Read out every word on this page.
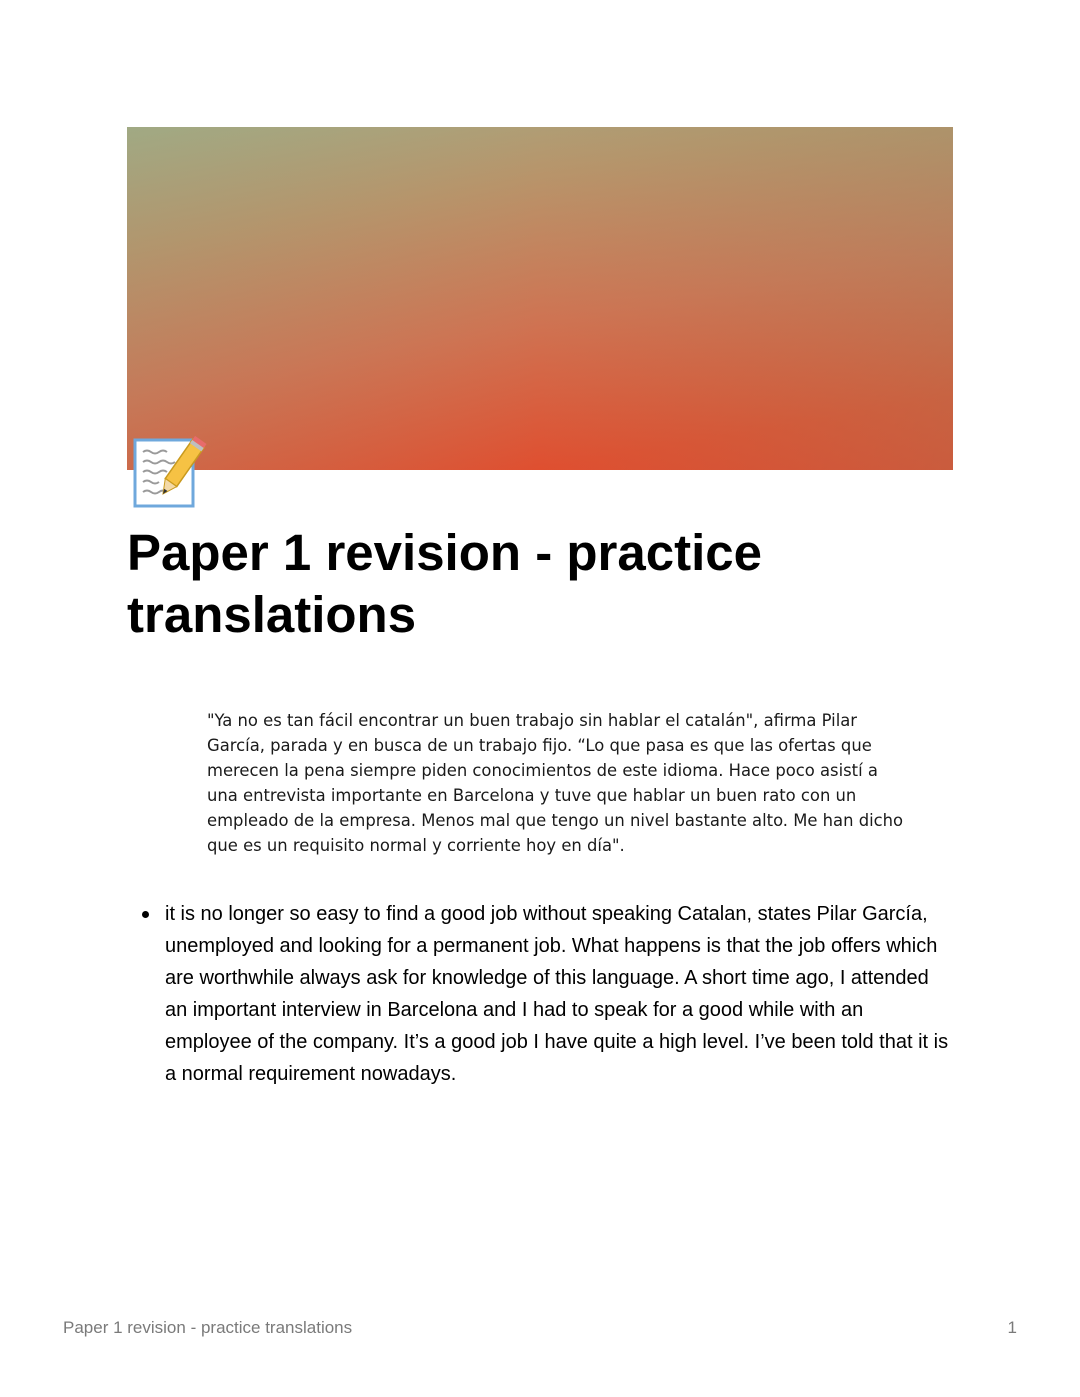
Paper 1 revision - practice translations
"Ya no es tan fácil encontrar un buen trabajo sin hablar el catalán", afirma Pilar García, parada y en busca de un trabajo fijo. “Lo que pasa es que las ofertas que merecen la pena siempre piden conocimientos de este idioma. Hace poco asistí a una entrevista importante en Barcelona y tuve que hablar un buen rato con un empleado de la empresa. Menos mal que tengo un nivel bastante alto. Me han dicho que es un requisito normal y corriente hoy en día".
it is no longer so easy to find a good job without speaking Catalan, states Pilar García, unemployed and looking for a permanent job. What happens is that the job offers which are worthwhile always ask for knowledge of this language. A short time ago, I attended an important interview in Barcelona and I had to speak for a good while with an employee of the company. It’s a good job I have quite a high level. I’ve been told that it is a normal requirement nowadays.
Paper 1 revision - practice translations	1
